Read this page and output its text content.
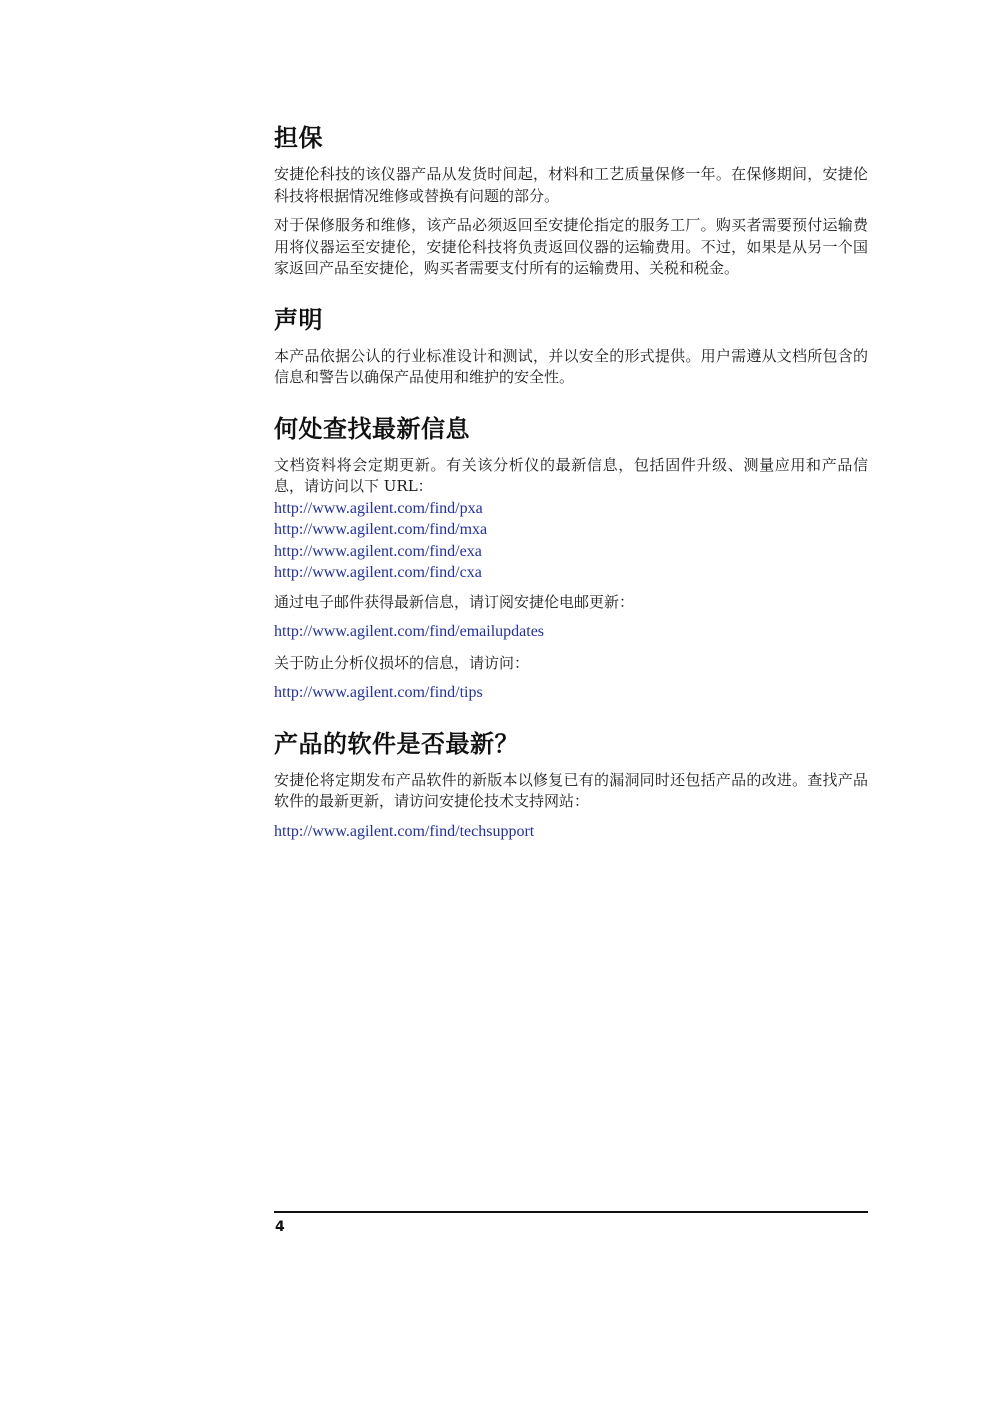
担保

安捷伦科技的该仪器产品从发货时间起，材料和工艺质量保修一年。在保修期间，安捷伦科技将根据情况维修或替换有问题的部分。

对于保修服务和维修，该产品必须返回至安捷伦指定的服务工厂。购买者需要预付运输费用将仪器运至安捷伦，安捷伦科技将负责返回仪器的运输费用。不过，如果是从另一个国家返回产品至安捷伦，购买者需要支付所有的运输费用、关税和税金。

声明

本产品依据公认的行业标准设计和测试，并以安全的形式提供。用户需遵从文档所包含的信息和警告以确保产品使用和维护的安全性。

何处查找最新信息

文档资料将会定期更新。有关该分析仪的最新信息，包括固件升级、测量应用和产品信息，请访问以下 URL：

http://www.agilent.com/find/pxa
http://www.agilent.com/find/mxa
http://www.agilent.com/find/exa
http://www.agilent.com/find/cxa

通过电子邮件获得最新信息，请订阅安捷伦电邮更新：

http://www.agilent.com/find/emailupdates

关于防止分析仪损坏的信息，请访问：

http://www.agilent.com/find/tips
产品的软件是否最新？

安捷伦将定期发布产品软件的新版本以修复已有的漏洞同时还包括产品的改进。查找产品软件的最新更新，请访问安捷伦技术支持网站：

http://www.agilent.com/find/techsupport
4
